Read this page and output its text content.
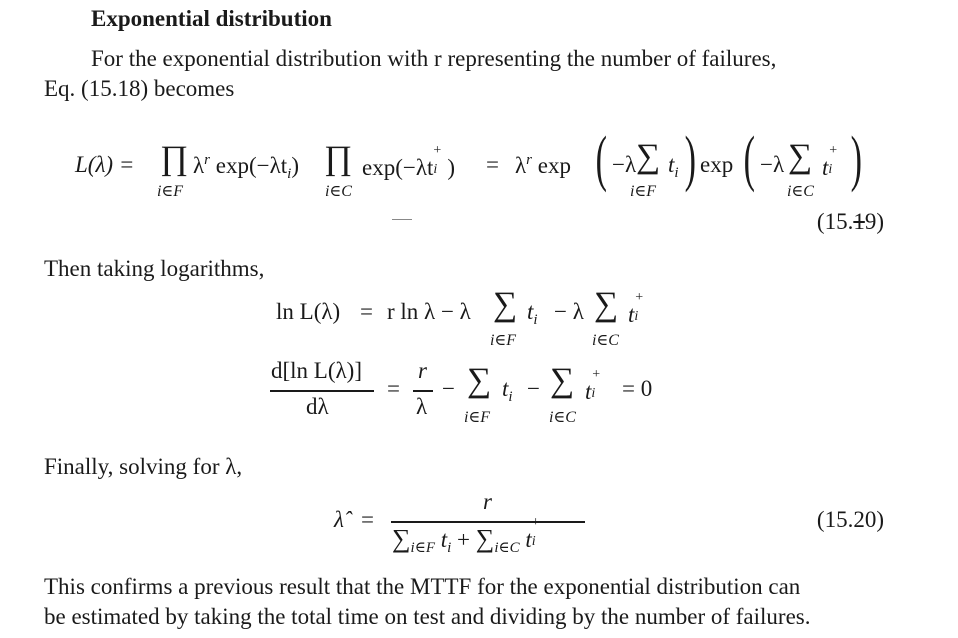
Exponential distribution
For the exponential distribution with r representing the number of failures,
Eq. (15.18) becomes
L(λ) = ∏
i∈F
$\lambda^r$ $\exp(-\lambda t_i)$ ∏
i∈C
exp(−λt
+
i ) = $\lambda^r$ exp ( −λ ∑
i∈F
$t_i$ ) exp ( −λ ∑
i∈C
t
+
i )
(15.19)
Then taking logarithms,
ln L(λ) = r ln λ − λ ∑
i∈F
$t_i - \lambda$ ∑
i∈C
t
+
i
d[ln L(λ)]
dλ
=
r
λ
− ∑
i∈F
$t_i$ − ∑
i∈C
t
+
i = 0
Finally, solving for λ,
λ̂ =
r
$\sum_{i\in F}$ $t_i + \sum_{i\in C}$ t
+
i
(15.20)
This confirms a previous result that the MTTF for the exponential distribution can
be estimated by taking the total time on test and dividing by the number of failures.
